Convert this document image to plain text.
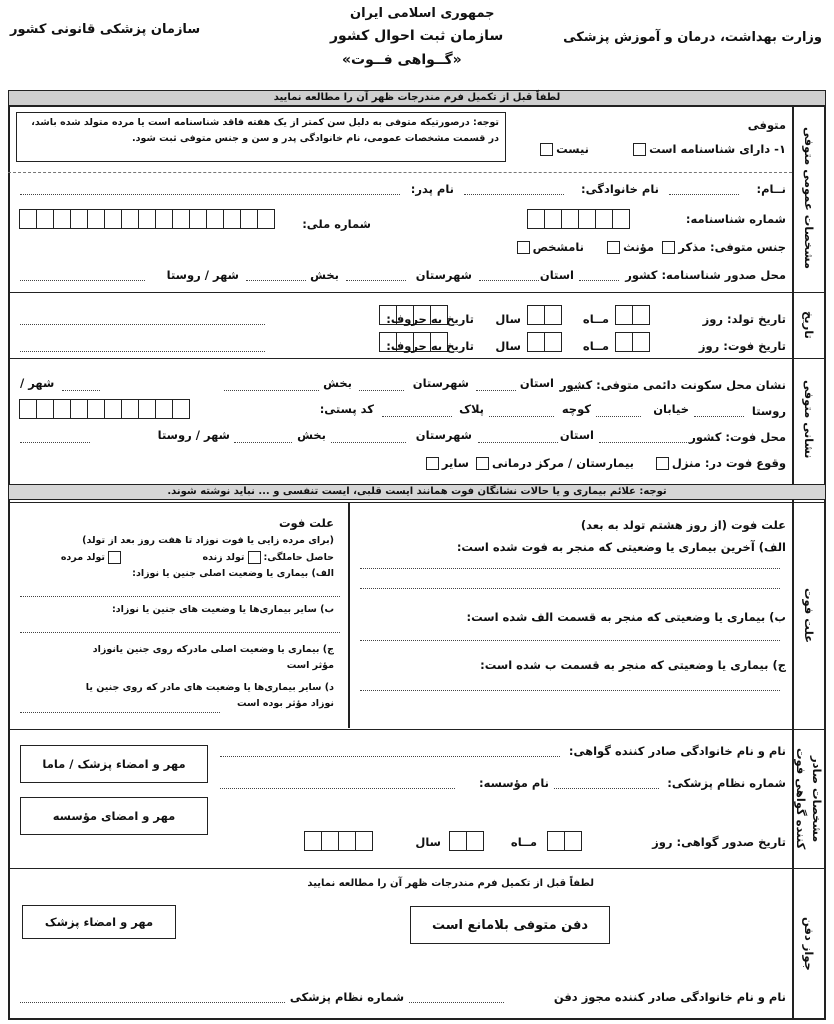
جمهوری اسلامی ایران
سازمان ثبت احوال کشور
«گــواهی فــوت»
وزارت بهداشت، درمان و آموزش پزشکی
سازمان پزشکی قانونی کشور
لطفاً قبل از تکمیل فرم مندرجات ظهر آن را مطالعه نمایید
مشخصات عمومی متوفی
متوفی
۱- دارای شناسنامه است
نیست
توجه: درصورتیکه متوفی به دلیل سن کمتر از یک هفته فاقد شناسنامه است یا مرده متولد شده باشد، در قسمت مشخصات عمومی، نام خانوادگی پدر و سن و جنس متوفی ثبت شود.
نــام:
نام خانوادگی:
نام پدر:
شماره شناسنامه:
شماره ملی:
جنس متوفی: مذکر
مؤنث
نامشخص
محل صدور شناسنامه: کشور
استان
شهرستان
بخش
شهر / روستا
تاریخ
تاریخ تولد: روز
مــاه
سال
تاریخ به حروف:
تاریخ فوت: روز
مــاه
سال
تاریخ به حروف:
نشانی متوفی
نشان محل سکونت دائمی متوفی: کشور
استان
شهرستان
بخش
شهر /
روستا
خیابان
کوچه
پلاک
کد پستی:
محل فوت: کشور
استان
شهرستان
بخش
شهر / روستا
وقوع فوت در: منزل
بیمارستان / مرکز درمانی
سایر
توجه: علائم بیماری و یا حالات نشانگان فوت همانند ایست قلبی، ایست تنفسی و ... نباید نوشته شوند.
علت فوت
علت فوت (از روز هشتم تولد به بعد)
الف) آخرین بیماری یا وضعیتی که منجر به فوت شده است:
ب) بیماری یا وضعیتی که منجر به قسمت الف شده است:
ج) بیماری یا وضعیتی که منجر به قسمت ب شده است:
علت فوت
(برای مرده زایی یا فوت نوزاد تا هفت روز بعد از تولد)
حاصل حاملگی:تولد زنده
تولد مرده
الف) بیماری یا وضعیت اصلی جنین یا نوزاد:
ب) سایر بیماری‌ها یا وضعیت های جنین یا نوزاد:
ج) بیماری یا وضعیت اصلی مادرکه روی جنین یانوزاد
مؤثر است
د) سایر بیماری‌ها یا وضعیت های مادر که روی جنین یا
نوزاد مؤثر بوده است
مشخصات صادر
کننده گواهی فوت
نام و نام خانوادگی صادر کننده گواهی:
شماره نظام پزشکی:
نام مؤسسه:
مهر و امضاء پزشک / ماما
مهر و امضای مؤسسه
تاریخ صدور گواهی: روز
مــاه
سال
جواز دفن
لطفاً قبل از تکمیل فرم مندرجات ظهر آن را مطالعه نمایید
دفن متوفی بلامانع است
مهر و امضاء پزشک
نام و نام خانوادگی صادر کننده مجوز دفن
شماره نظام پزشکی
